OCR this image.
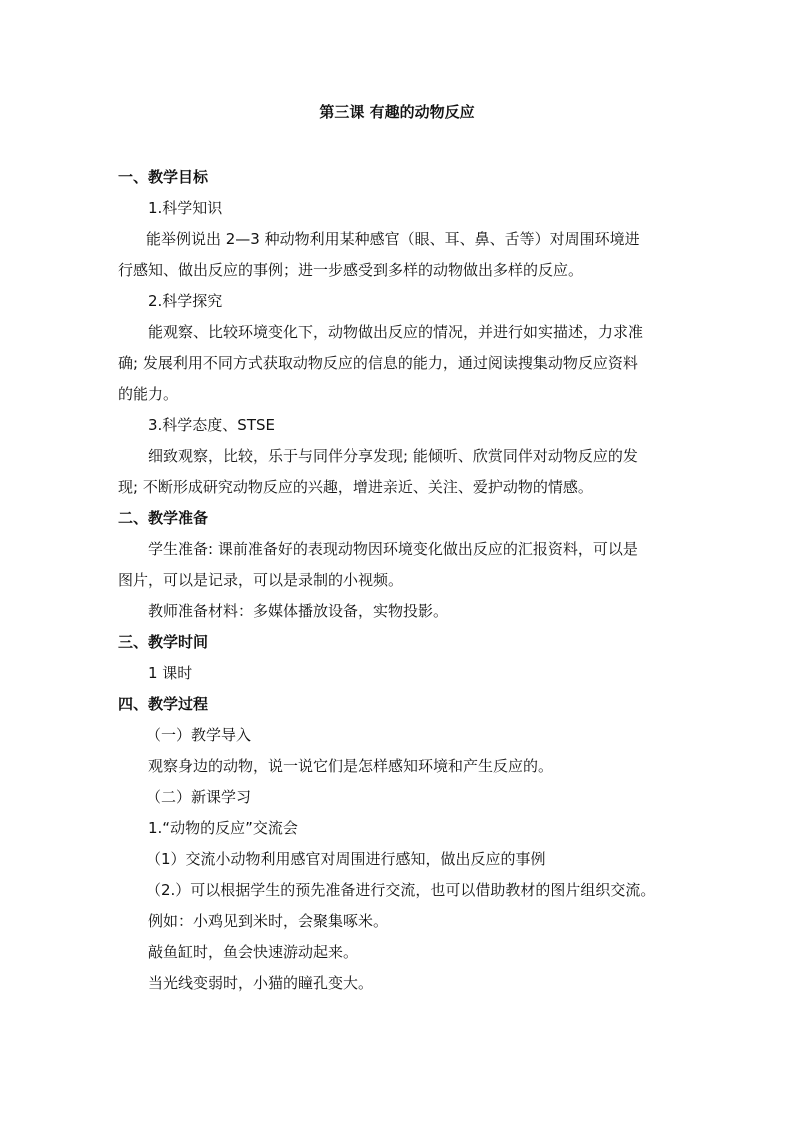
第三课 有趣的动物反应
一、教学目标
1.科学知识
能举例说出 2—3 种动物利用某种感官（眼、耳、鼻、舌等）对周围环境进
行感知、做出反应的事例；进一步感受到多样的动物做出多样的反应。
2.科学探究
能观察、比较环境变化下，动物做出反应的情况，并进行如实描述，力求准
确; 发展利用不同方式获取动物反应的信息的能力，通过阅读搜集动物反应资料
的能力。
3.科学态度、STSE
细致观察，比较，乐于与同伴分享发现; 能倾听、欣赏同伴对动物反应的发
现; 不断形成研究动物反应的兴趣，增进亲近、关注、爱护动物的情感。
二、教学准备
学生准备: 课前准备好的表现动物因环境变化做出反应的汇报资料，可以是
图片，可以是记录，可以是录制的小视频。
教师准备材料：多媒体播放设备，实物投影。
三、教学时间
1 课时
四、教学过程
（一）教学导入
观察身边的动物，说一说它们是怎样感知环境和产生反应的。
（二）新课学习
1.“动物的反应”交流会
（1）交流小动物利用感官对周围进行感知，做出反应的事例
（2.）可以根据学生的预先准备进行交流，也可以借助教材的图片组织交流。
例如：小鸡见到米时，会聚集啄米。
敲鱼缸时，鱼会快速游动起来。
当光线变弱时，小猫的瞳孔变大。
